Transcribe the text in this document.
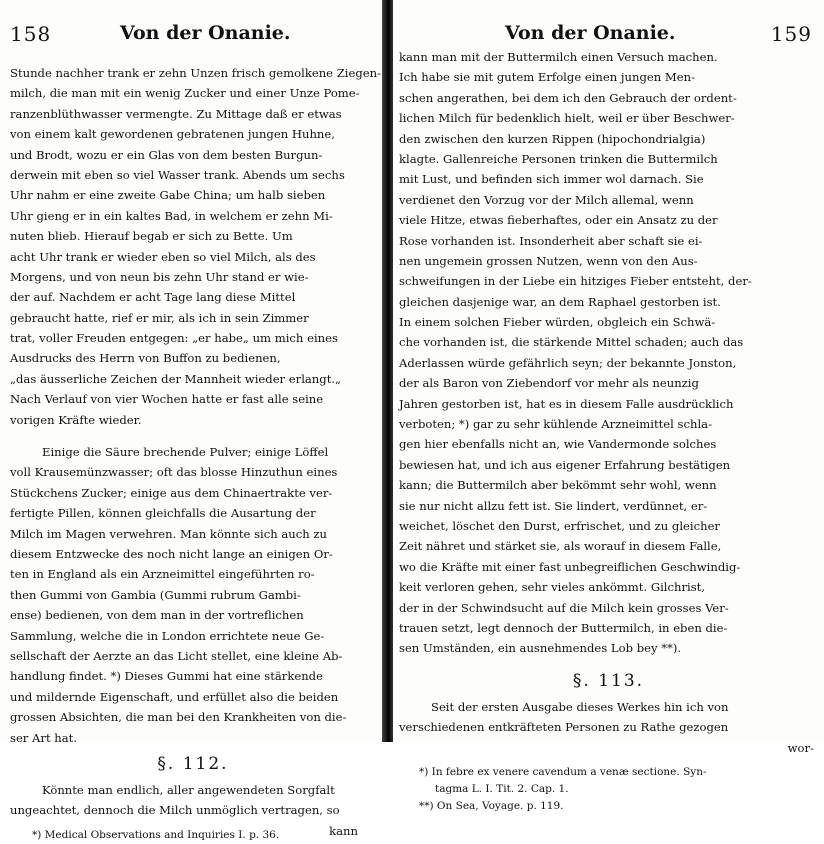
158	Von der Onanie.
Stunde nachher trank er zehn Unzen frisch gemolkene Ziegen-
milch, die man mit ein wenig Zucker und einer Unze Pome-
ranzenblüthwasser vermengte. Zu Mittage daß er etwas
von einem kalt gewordenen gebratenen jungen Huhne,
und Brodt, wozu er ein Glas von dem besten Burgun-
derwein mit eben so viel Wasser trank. Abends um sechs
Uhr nahm er eine zweite Gabe China; um halb sieben
Uhr gieng er in ein kaltes Bad, in welchem er zehn Mi-
nuten blieb. Hierauf begab er sich zu Bette. Um
acht Uhr trank er wieder eben so viel Milch, als des
Morgens, und von neun bis zehn Uhr stand er wie-
der auf. Nachdem er acht Tage lang diese Mittel
gebraucht hatte, rief er mir, als ich in sein Zimmer
trat, voller Freuden entgegen: „er habe„ um mich eines
Ausdrucks des Herrn von Buffon zu bedienen,
„das äusserliche Zeichen der Mannheit wieder erlangt.„
Nach Verlauf von vier Wochen hatte er fast alle seine
vorigen Kräfte wieder.
Einige die Säure brechende Pulver; einige Löffel
voll Krausemünzwasser; oft das blosse Hinzuthun eines
Stückchens Zucker; einige aus dem Chinaertrakte ver-
fertigte Pillen, können gleichfalls die Ausartung der
Milch im Magen verwehren. Man könnte sich auch zu
diesem Entzwecke des noch nicht lange an einigen Or-
ten in England als ein Arzneimittel eingeführten ro-
then Gummi von Gambia (Gummi rubrum Gambi-
ense) bedienen, von dem man in der vortreflichen
Sammlung, welche die in London errichtete neue Ge-
sellschaft der Aerzte an das Licht stellet, eine kleine Ab-
handlung findet. *) Dieses Gummi hat eine stärkende
und mildernde Eigenschaft, und erfüllet also die beiden
grossen Absichten, die man bei den Krankheiten von die-
ser Art hat.
§. 112.
Könnte man endlich, aller angewendeten Sorgfalt
ungeachtet, dennoch die Milch unmöglich vertragen, so
kann
*) Medical Observations and Inquiries I. p. 36.
Von der Onanie.	159
kann man mit der Buttermilch einen Versuch machen.
Ich habe sie mit gutem Erfolge einen jungen Men-
schen angerathen, bei dem ich den Gebrauch der ordent-
lichen Milch für bedenklich hielt, weil er über Beschwer-
den zwischen den kurzen Rippen (hipochondrialgia)
klagte. Gallenreiche Personen trinken die Buttermilch
mit Lust, und befinden sich immer wol darnach. Sie
verdienet den Vorzug vor der Milch allemal, wenn
viele Hitze, etwas fieberhaftes, oder ein Ansatz zu der
Rose vorhanden ist. Insonderheit aber schaft sie ei-
nen ungemein grossen Nutzen, wenn von den Aus-
schweifungen in der Liebe ein hitziges Fieber entsteht, der-
gleichen dasjenige war, an dem Raphael gestorben ist.
In einem solchen Fieber würden, obgleich ein Schwä-
che vorhanden ist, die stärkende Mittel schaden; auch das
Aderlassen würde gefährlich seyn; der bekannte Jonston,
der als Baron von Ziebendorf vor mehr als neunzig
Jahren gestorben ist, hat es in diesem Falle ausdrücklich
verboten; *) gar zu sehr kühlende Arzneimittel schla-
gen hier ebenfalls nicht an, wie Vandermonde solches
bewiesen hat, und ich aus eigener Erfahrung bestätigen
kann; die Buttermilch aber bekömmt sehr wohl, wenn
sie nur nicht allzu fett ist. Sie lindert, verdünnet, er-
weichet, löschet den Durst, erfrischet, und zu gleicher
Zeit nähret und stärket sie, als worauf in diesem Falle,
wo die Kräfte mit einer fast unbegreiflichen Geschwindig-
keit verloren gehen, sehr vieles ankömmt. Gilchrist,
der in der Schwindsucht auf die Milch kein grosses Ver-
trauen setzt, legt dennoch der Buttermilch, in eben die-
sen Umständen, ein ausnehmendes Lob bey **).
§. 113.
Seit der ersten Ausgabe dieses Werkes hin ich von
verschiedenen entkräfteten Personen zu Rathe gezogen
wor-
*) In febre ex venere cavendum a venæ sectione. Syn-
tagma L. I. Tit. 2. Cap. 1.
**) On Sea, Voyage. p. 119.
